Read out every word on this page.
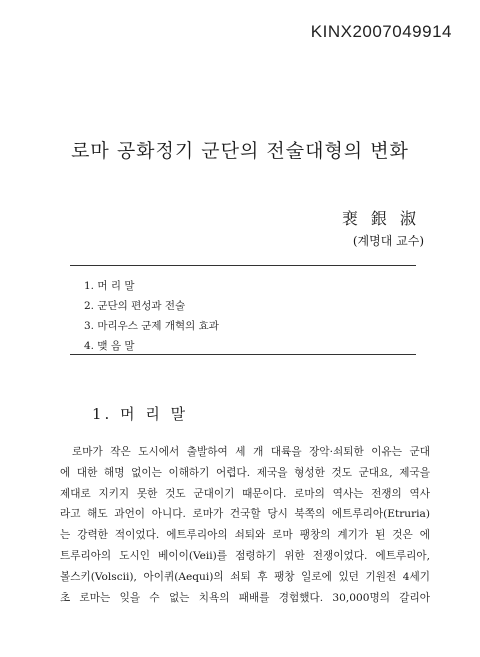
KINX2007049914
로마 공화정기 군단의 전술대형의 변화
裵 銀 淑
(계명대 교수)
1. 머 리 말
2. 군단의 편성과 전술
3. 마리우스 군제 개혁의 효과
4. 맺 음 말
1. 머 리 말
로마가 작은 도시에서 출발하여 세 개 대륙을 장악·쇠퇴한 이유는 군대
에 대한 해명 없이는 이해하기 어렵다. 제국을 형성한 것도 군대요, 제국을
제대로 지키지 못한 것도 군대이기 때문이다. 로마의 역사는 전쟁의 역사
라고 해도 과언이 아니다. 로마가 건국할 당시 북쪽의 에트루리아(Etruria)
는 강력한 적이었다. 에트루리아의 쇠퇴와 로마 팽창의 계기가 된 것은 에
트루리아의 도시인 베이이(Veii)를 점령하기 위한 전쟁이었다. 에트루리아,
볼스키(Volscii), 아이퀴(Aequi)의 쇠퇴 후 팽창 일로에 있던 기원전 4세기
초 로마는 잊을 수 없는 치욕의 패배를 경험했다. 30,000명의 갈리아
